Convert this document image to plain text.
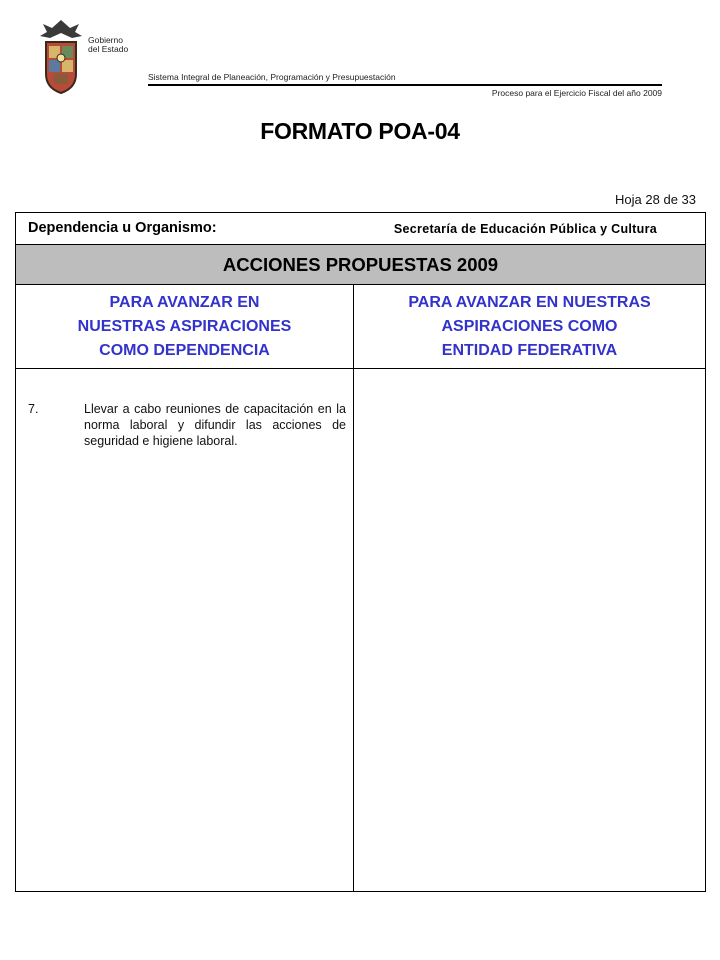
Gobierno
del Estado
Sistema Integral de Planeación, Programación y Presupuestación
Proceso para el Ejercicio Fiscal del año 2009
FORMATO POA-04
Hoja 28 de 33
Dependencia u Organismo:	Secretaría de Educación Pública y Cultura
ACCIONES PROPUESTAS 2009
PARA AVANZAR EN
NUESTRAS ASPIRACIONES
COMO DEPENDENCIA
PARA AVANZAR EN NUESTRAS
ASPIRACIONES COMO
ENTIDAD FEDERATIVA
7.	Llevar a cabo reuniones de capacitación en la norma laboral y difundir las acciones de seguridad e higiene laboral.
